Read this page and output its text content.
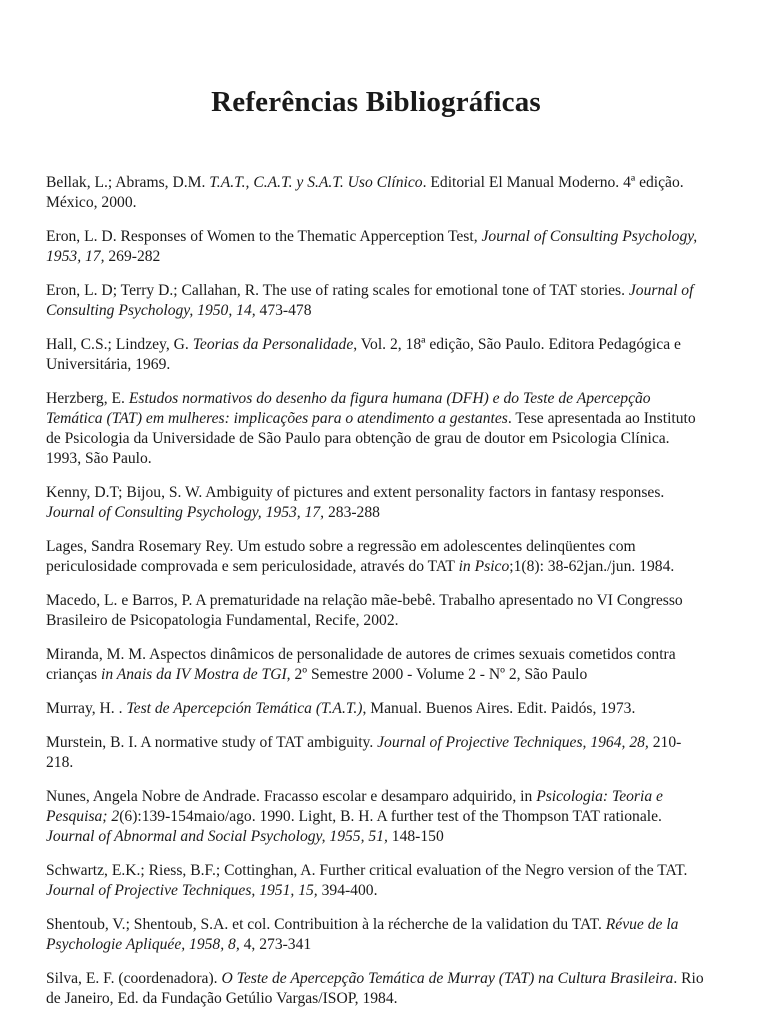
Referências Bibliográficas

Bellak, L.; Abrams, D.M. T.A.T., C.A.T. y S.A.T. Uso Clínico. Editorial El Manual Moderno. 4ª edição. México, 2000.

Eron, L. D. Responses of Women to the Thematic Apperception Test, Journal of Consulting Psychology, 1953, 17, 269-282

Eron, L. D; Terry D.; Callahan, R. The use of rating scales for emotional tone of TAT stories. Journal of Consulting Psychology, 1950, 14, 473-478

Hall, C.S.; Lindzey, G. Teorias da Personalidade, Vol. 2, 18ª edição, São Paulo. Editora Pedagógica e Universitária, 1969.

Herzberg, E. Estudos normativos do desenho da figura humana (DFH) e do Teste de Apercepção Temática (TAT) em mulheres: implicações para o atendimento a gestantes. Tese apresentada ao Instituto de Psicologia da Universidade de São Paulo para obtenção de grau de doutor em Psicologia Clínica. 1993, São Paulo.

Kenny, D.T; Bijou, S. W. Ambiguity of pictures and extent personality factors in fantasy responses. Journal of Consulting Psychology, 1953, 17, 283-288

Lages, Sandra Rosemary Rey. Um estudo sobre a regressão em adolescentes delinqüentes com periculosidade comprovada e sem periculosidade, através do TAT in Psico;1(8): 38-62jan./jun. 1984.

Macedo, L. e Barros, P. A prematuridade na relação mãe-bebê. Trabalho apresentado no VI Congresso Brasileiro de Psicopatologia Fundamental, Recife, 2002.

Miranda, M. M. Aspectos dinâmicos de personalidade de autores de crimes sexuais cometidos contra crianças in Anais da IV Mostra de TGI, 2º Semestre 2000 - Volume 2 - Nº 2, São Paulo

Murray, H. . Test de Apercepción Temática (T.A.T.), Manual. Buenos Aires. Edit. Paidós, 1973.

Murstein, B. I. A normative study of TAT ambiguity. Journal of Projective Techniques, 1964, 28, 210-218.

Nunes, Angela Nobre de Andrade. Fracasso escolar e desamparo adquirido, in Psicologia: Teoria e Pesquisa; 2(6):139-154maio/ago. 1990. Light, B. H. A further test of the Thompson TAT rationale. Journal of Abnormal and Social Psychology, 1955, 51, 148-150

Schwartz, E.K.; Riess, B.F.; Cottinghan, A. Further critical evaluation of the Negro version of the TAT. Journal of Projective Techniques, 1951, 15, 394-400.

Shentoub, V.; Shentoub, S.A. et col. Contribuition à la récherche de la validation du TAT. Révue de la Psychologie Apliquée, 1958, 8, 4, 273-341

Silva, E. F. (coordenadora). O Teste de Apercepção Temática de Murray (TAT) na Cultura Brasileira. Rio de Janeiro, Ed. da Fundação Getúlio Vargas/ISOP, 1984.
